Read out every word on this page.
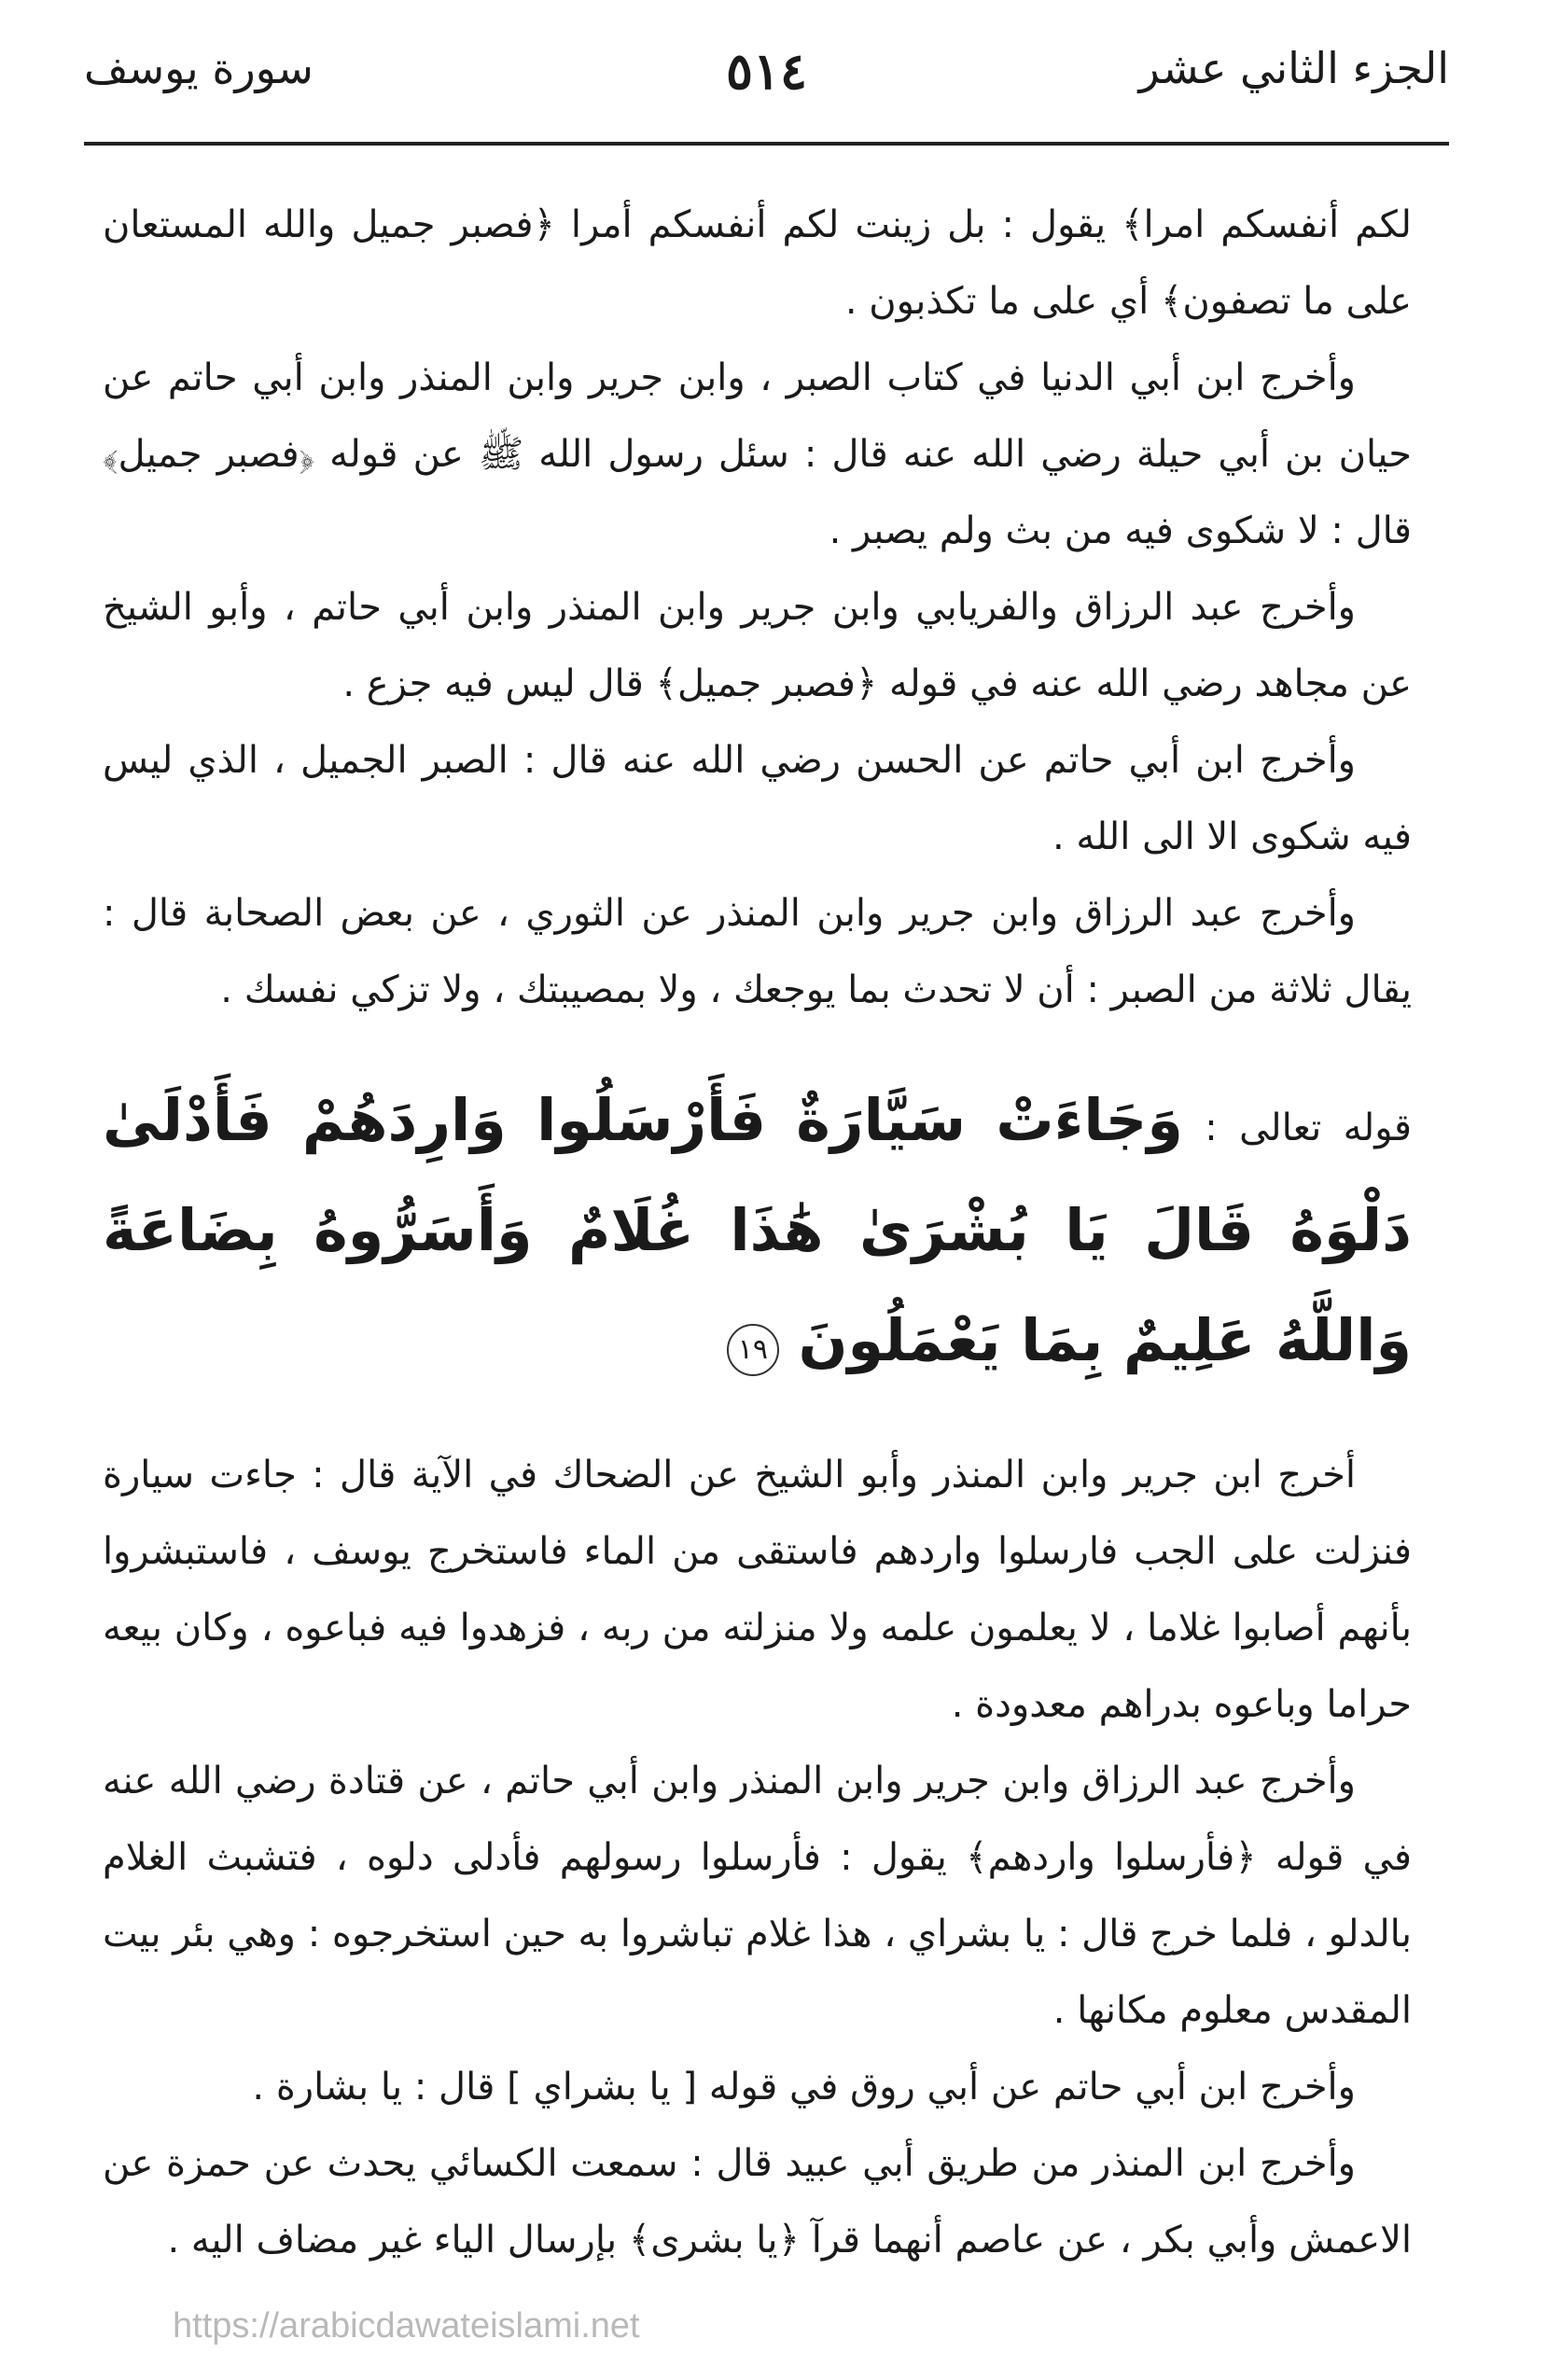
الجزء الثاني عشر
٥١٤
سورة يوسف

لكم أنفسكم امرا﴾ يقول : بل زينت لكم أنفسكم أمرا ﴿فصبر جميل والله المستعان على ما تصفون﴾ أي على ما تكذبون .

وأخرج ابن أبي الدنيا في كتاب الصبر ، وابن جرير وابن المنذر وابن أبي حاتم عن حيان بن أبي حيلة رضي الله عنه قال : سئل رسول الله ﷺ عن قوله ﴿فصبر جميل﴾ قال : لا شكوى فيه من بث ولم يصبر .

وأخرج عبد الرزاق والفريابي وابن جرير وابن المنذر وابن أبي حاتم ، وأبو الشيخ عن مجاهد رضي الله عنه في قوله ﴿فصبر جميل﴾ قال ليس فيه جزع .

وأخرج ابن أبي حاتم عن الحسن رضي الله عنه قال : الصبر الجميل ، الذي ليس فيه شكوى الا الى الله .

وأخرج عبد الرزاق وابن جرير وابن المنذر عن الثوري ، عن بعض الصحابة قال : يقال ثلاثة من الصبر : أن لا تحدث بما يوجعك ، ولا بمصيبتك ، ولا تزكي نفسك .

قوله تعالى : وَجَاءَتْ سَيَّارَةٌ فَأَرْسَلُوا وَارِدَهُمْ فَأَدْلَىٰ دَلْوَهُ قَالَ يَا بُشْرَىٰ هَٰذَا غُلَامٌ وَأَسَرُّوهُ بِضَاعَةً وَاللَّهُ عَلِيمٌ بِمَا يَعْمَلُونَ ١٩

أخرج ابن جرير وابن المنذر وأبو الشيخ عن الضحاك في الآية قال : جاءت سيارة فنزلت على الجب فارسلوا واردهم فاستقى من الماء فاستخرج يوسف ، فاستبشروا بأنهم أصابوا غلاما ، لا يعلمون علمه ولا منزلته من ربه ، فزهدوا فيه فباعوه ، وكان بيعه حراما وباعوه بدراهم معدودة .

وأخرج عبد الرزاق وابن جرير وابن المنذر وابن أبي حاتم ، عن قتادة رضي الله عنه في قوله ﴿فأرسلوا واردهم﴾ يقول : فأرسلوا رسولهم فأدلى دلوه ، فتشبث الغلام بالدلو ، فلما خرج قال : يا بشراي ، هذا غلام تباشروا به حين استخرجوه : وهي بئر بيت المقدس معلوم مكانها .

وأخرج ابن أبي حاتم عن أبي روق في قوله [ يا بشراي ] قال : يا بشارة .

وأخرج ابن المنذر من طريق أبي عبيد قال : سمعت الكسائي يحدث عن حمزة عن الاعمش وأبي بكر ، عن عاصم أنهما قرآ ﴿يا بشرى﴾ بإرسال الياء غير مضاف اليه .

https://arabicdawateislami.net
